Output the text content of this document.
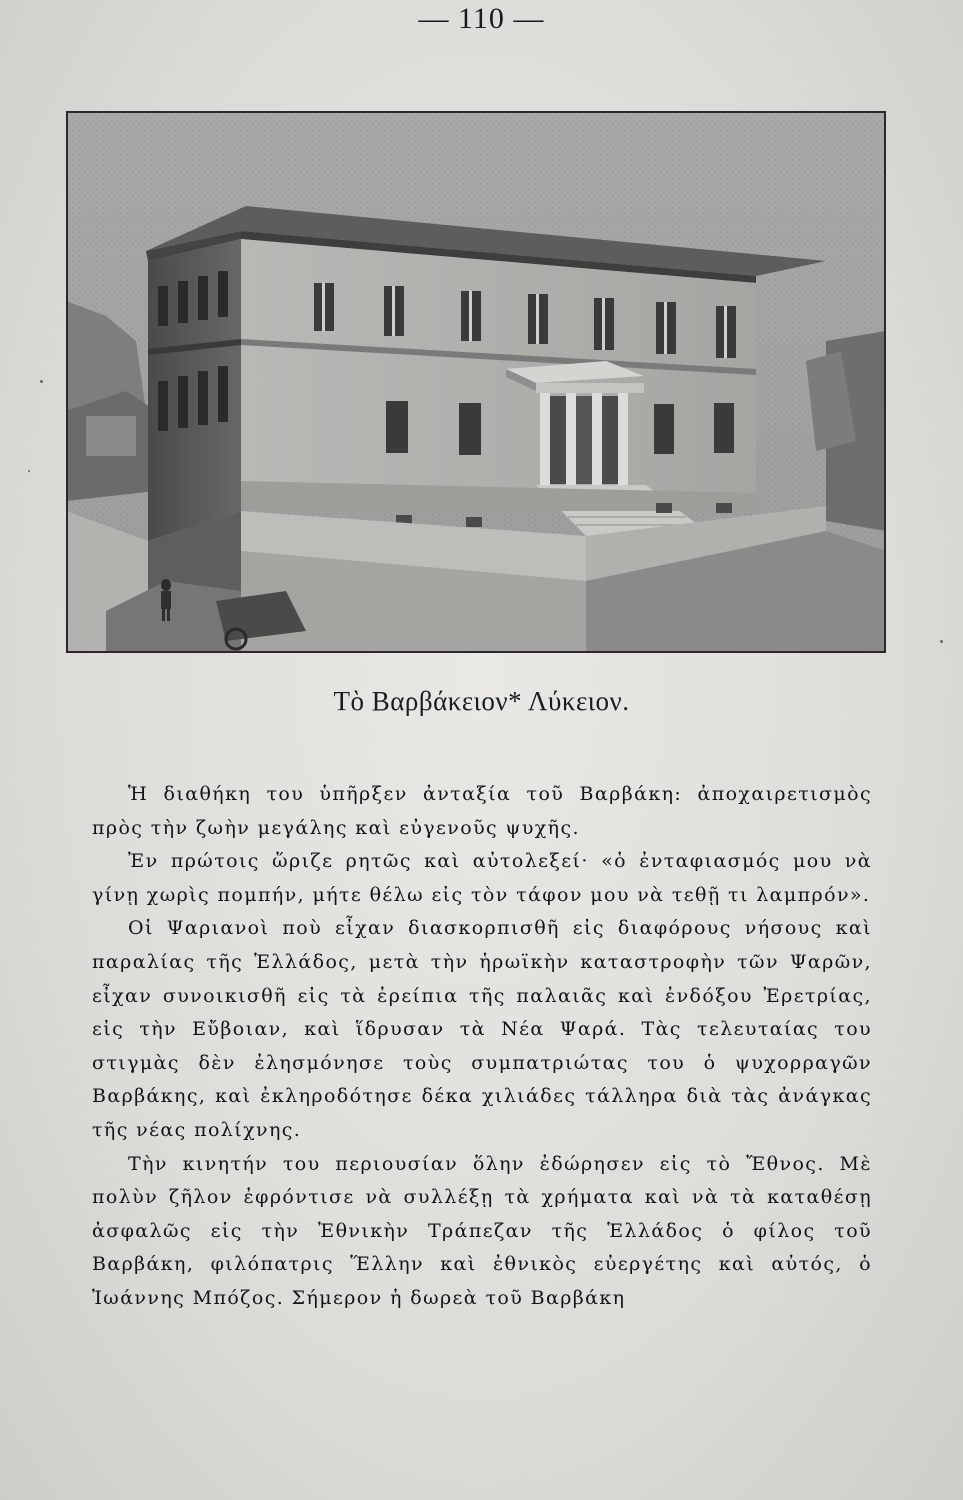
— 110 —
Τὸ Βαρβάκειον* Λύκειον.

Ἡ διαθήκη του ὑπῆρξεν ἀνταξία τοῦ Βαρβάκη: ἀποχαιρετισμὸς πρὸς τὴν ζωὴν μεγάλης καὶ εὐγενοῦς ψυχῆς.

Ἐν πρώτοις ὥριζε ρητῶς καὶ αὐτολεξεί· «ὁ ἐνταφιασμός μου νὰ γίνῃ χωρὶς πομπήν, μήτε θέλω εἰς τὸν τάφον μου νὰ τεθῇ τι λαμπρόν».

Οἱ Ψαριανοὶ ποὺ εἶχαν διασκορπισθῆ εἰς διαφόρους νήσους καὶ παραλίας τῆς Ἑλλάδος, μετὰ τὴν ἡρωϊκὴν καταστροφὴν τῶν Ψαρῶν, εἶχαν συνοικισθῆ εἰς τὰ ἐρείπια τῆς παλαιᾶς καὶ ἐνδόξου Ἐρετρίας, εἰς τὴν Εὔβοιαν, καὶ ἵδρυσαν τὰ Νέα Ψαρά. Τὰς τελευταίας του στιγμὰς δὲν ἐλησμόνησε τοὺς συμπατριώτας του ὁ ψυχορραγῶν Βαρβάκης, καὶ ἐκληροδότησε δέκα χιλιάδες τάλληρα διὰ τὰς ἀνάγκας τῆς νέας πολίχνης.

Τὴν κινητήν του περιουσίαν ὅλην ἐδώρησεν εἰς τὸ Ἔθνος. Μὲ πολὺν ζῆλον ἐφρόντισε νὰ συλλέξῃ τὰ χρήματα καὶ νὰ τὰ καταθέσῃ ἀσφαλῶς εἰς τὴν Ἐθνικὴν Τράπεζαν τῆς Ἑλλάδος ὁ φίλος τοῦ Βαρβάκη, φιλόπατρις Ἕλλην καὶ ἐθνικὸς εὐεργέτης καὶ αὐτός, ὁ Ἰωάννης Μπόζος. Σήμερον ἡ δωρεὰ τοῦ Βαρβάκη
